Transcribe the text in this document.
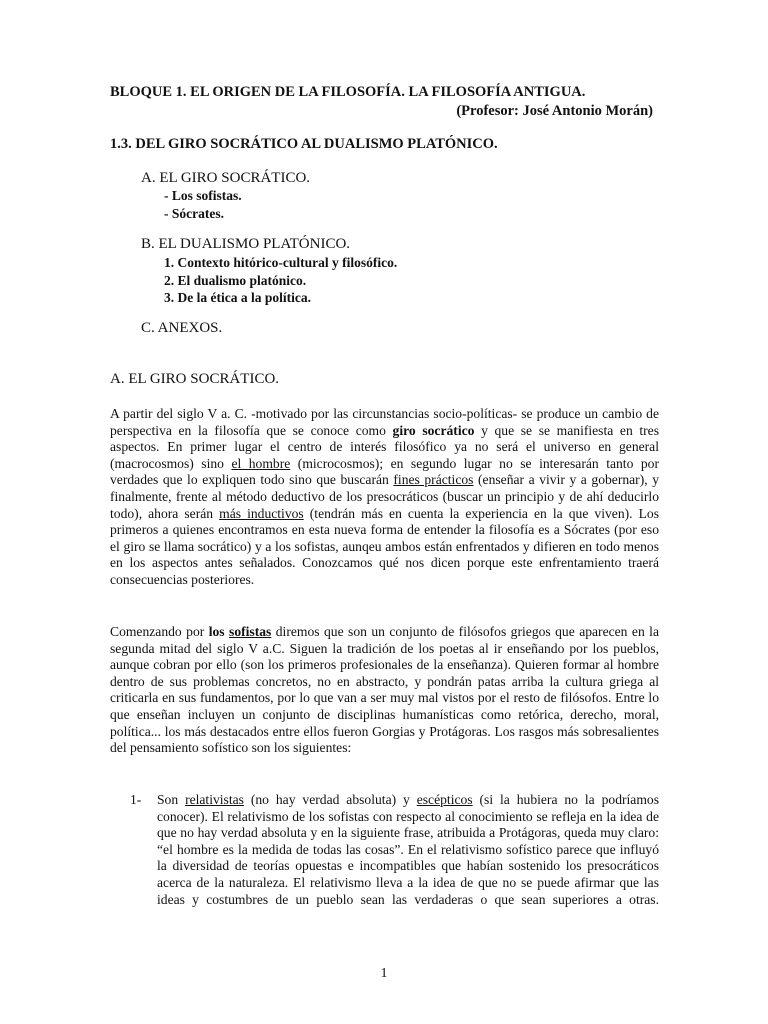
BLOQUE 1. EL ORIGEN DE LA FILOSOFÍA. LA FILOSOFÍA ANTIGUA.
(Profesor: José Antonio Morán)
1.3. DEL GIRO SOCRÁTICO AL DUALISMO PLATÓNICO.
A. EL GIRO SOCRÁTICO.
- Los sofistas.
- Sócrates.
B. EL DUALISMO PLATÓNICO.
1. Contexto hitórico-cultural y filosófico.
2. El dualismo platónico.
3. De la ética a la política.
C. ANEXOS.
A. EL GIRO SOCRÁTICO.
A partir del siglo V a. C. -motivado por las circunstancias socio-políticas- se produce un cambio de perspectiva en la filosofía que se conoce como giro socrático y que se se manifiesta en tres aspectos. En primer lugar el centro de interés filosófico ya no será el universo en general (macrocosmos) sino el hombre (microcosmos); en segundo lugar no se interesarán tanto por verdades que lo expliquen todo sino que buscarán fines prácticos (enseñar a vivir y a gobernar), y finalmente, frente al método deductivo de los presocráticos (buscar un principio y de ahí deducirlo todo), ahora serán más inductivos (tendrán más en cuenta la experiencia en la que viven). Los primeros a quienes encontramos en esta nueva forma de entender la filosofía es a Sócrates (por eso el giro se llama socrático) y a los sofistas, aunqeu ambos están enfrentados y difieren en todo menos en los aspectos antes señalados. Conozcamos qué nos dicen porque este enfrentamiento traerá consecuencias posteriores.
Comenzando por los sofistas diremos que son un conjunto de filósofos griegos que aparecen en la segunda mitad del siglo V a.C. Siguen la tradición de los poetas al ir enseñando por los pueblos, aunque cobran por ello (son los primeros profesionales de la enseñanza). Quieren formar al hombre dentro de sus problemas concretos, no en abstracto, y pondrán patas arriba la cultura griega al criticarla en sus fundamentos, por lo que van a ser muy mal vistos por el resto de filósofos. Entre lo que enseñan incluyen un conjunto de disciplinas humanísticas como retórica, derecho, moral, política... los más destacados entre ellos fueron Gorgias y Protágoras. Los rasgos más sobresalientes del pensamiento sofístico son los siguientes:
1- Son relativistas (no hay verdad absoluta) y escépticos (si la hubiera no la podríamos conocer). El relativismo de los sofistas con respecto al conocimiento se refleja en la idea de que no hay verdad absoluta y en la siguiente frase, atribuida a Protágoras, queda muy claro: “el hombre es la medida de todas las cosas”. En el relativismo sofístico parece que influyó la diversidad de teorías opuestas e incompatibles que habían sostenido los presocráticos acerca de la naturaleza. El relativismo lleva a la idea de que no se puede afirmar que las ideas y costumbres de un pueblo sean las verdaderas o que sean superiores a otras.
1
